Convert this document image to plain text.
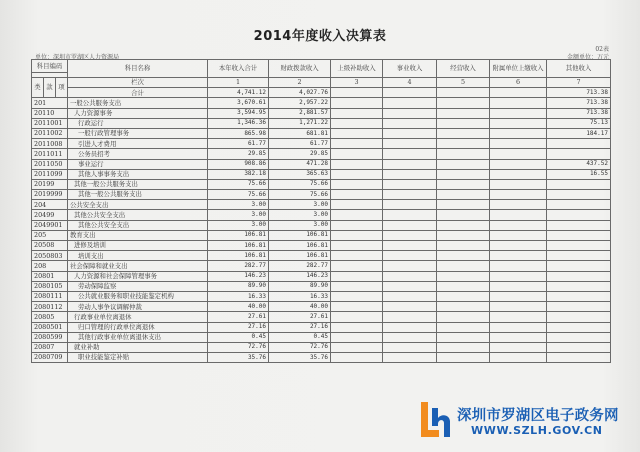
2014年度收入决算表
单位：深圳市罗湖区人力资源局
02表
金额单位：万元
科目编码			科目名称	本年收入合计	财政拨款收入	上级补助收入	事业收入	经营收入	附属单位上缴收入	其他收入

类	款	项	栏次	1	2	3	4	5	6	7
			合计	4,741.12	4,027.76					713.38
201			一般公共服务支出	3,670.61	2,957.22					713.38
20110			人力资源事务	3,594.95	2,881.57					713.38
2011001			行政运行	1,346.36	1,271.22					75.13
2011002			一般行政管理事务	865.98	681.81					184.17
2011008			引进人才费用	61.77	61.77					
2011011			公务员招考	29.85	29.85					
2011050			事业运行	908.86	471.28					437.52
2011099			其他人事事务支出	382.18	365.63					16.55
20199			其他一般公共服务支出	75.66	75.66					
2019999			其他一般公共服务支出	75.66	75.66					
204			公共安全支出	3.00	3.00					
20499			其他公共安全支出	3.00	3.00					
2049901			其他公共安全支出	3.00	3.00					
205			教育支出	106.81	106.81					
20508			进修及培训	106.81	106.81					
2050803			培训支出	106.81	106.81					
208			社会保障和就业支出	282.77	282.77					
20801			人力资源和社会保障管理事务	146.23	146.23					
2080105			劳动保障监察	89.90	89.90					
2080111			公共就业服务和职业技能鉴定机构	16.33	16.33					
2080112			劳动人事争议调解仲裁	40.00	40.00					
20805			行政事业单位离退休	27.61	27.61					
2080501			归口管理的行政单位离退休	27.16	27.16					
2080599			其他行政事业单位离退休支出	0.45	0.45					
20807			就业补助	72.76	72.76					
2080709			职业技能鉴定补贴	35.76	35.76					
深圳市罗湖区电子政务网
WWW.SZLH.GOV.CN
